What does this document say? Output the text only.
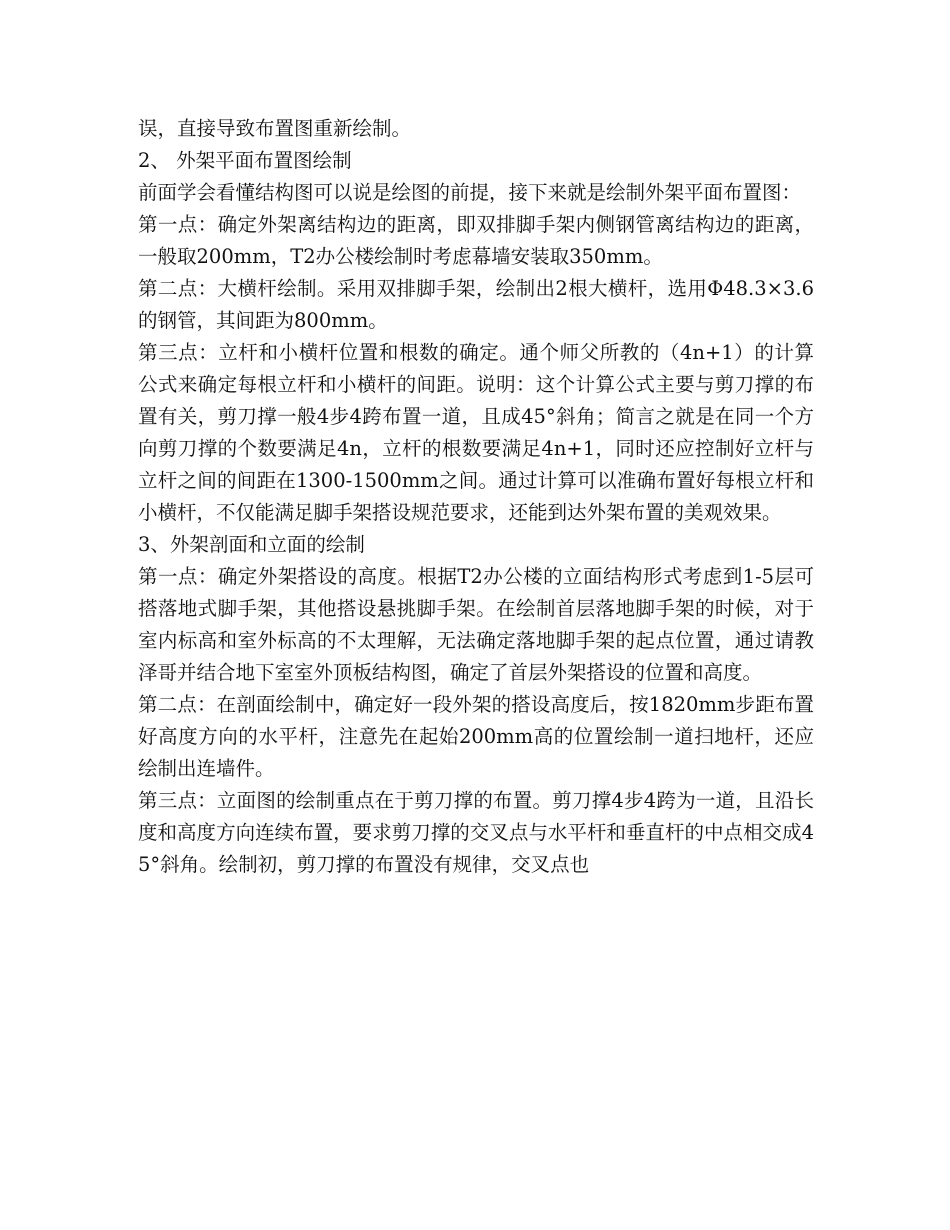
误，直接导致布置图重新绘制。

2、 外架平面布置图绘制

前面学会看懂结构图可以说是绘图的前提，接下来就是绘制外架平面布置图：

第一点：确定外架离结构边的距离，即双排脚手架内侧钢管离结构边的距离，一般取200mm，T2办公楼绘制时考虑幕墙安装取350mm。

第二点：大横杆绘制。采用双排脚手架，绘制出2根大横杆，选用Φ48.3×3.6的钢管，其间距为800mm。

第三点：立杆和小横杆位置和根数的确定。通个师父所教的（4n+1）的计算公式来确定每根立杆和小横杆的间距。说明：这个计算公式主要与剪刀撑的布置有关，剪刀撑一般4步4跨布置一道，且成45°斜角；简言之就是在同一个方向剪刀撑的个数要满足4n，立杆的根数要满足4n+1，同时还应控制好立杆与立杆之间的间距在1300-1500mm之间。通过计算可以准确布置好每根立杆和小横杆，不仅能满足脚手架搭设规范要求，还能到达外架布置的美观效果。

3、外架剖面和立面的绘制

第一点：确定外架搭设的高度。根据T2办公楼的立面结构形式考虑到1-5层可搭落地式脚手架，其他搭设悬挑脚手架。在绘制首层落地脚手架的时候，对于室内标高和室外标高的不太理解，无法确定落地脚手架的起点位置，通过请教泽哥并结合地下室室外顶板结构图，确定了首层外架搭设的位置和高度。

第二点：在剖面绘制中，确定好一段外架的搭设高度后，按1820mm步距布置好高度方向的水平杆，注意先在起始200mm高的位置绘制一道扫地杆，还应绘制出连墙件。

第三点：立面图的绘制重点在于剪刀撑的布置。剪刀撑4步4跨为一道，且沿长度和高度方向连续布置，要求剪刀撑的交叉点与水平杆和垂直杆的中点相交成45°斜角。绘制初，剪刀撑的布置没有规律，交叉点也
